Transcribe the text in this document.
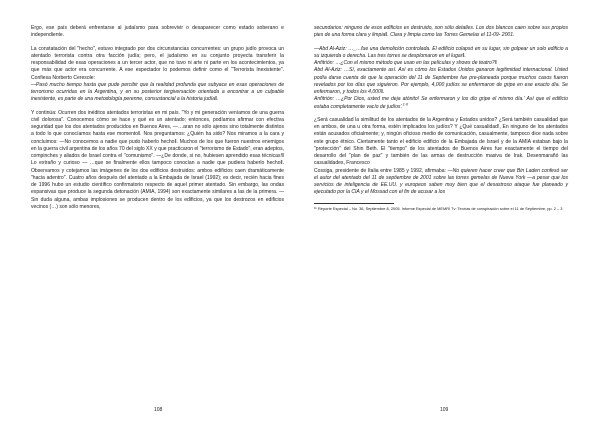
Ergo, ese país deberá enfrentarse al judaísmo para sobrevivir o desaparecer como estado soberano e independiente.

La constatación del "hecho", estuvo integrado por dos circunstancias concurrentes: un grupo judío provoca un atentado terrorista contra otra facción judía; pero, el judaísmo en su conjunto proyecta transferir la responsabilidad de esas operaciones a un tercer actor, que no tuvo ni arte ni parte en los acontecimientos, ya que más que actor era concurrente. A ese espectador lo podemos definir como el "Terrorista Inexistente". Confiesa Norberto Ceresole:

—Pasó mucho tiempo hasta que pude percibir que la realidad profunda que subyace en esas operaciones de terrorismo ocurridas en la Argentina, y en su posterior tergiversación orientada a encontrar a un culpable inexistente, es parte de una metodología perenne, consustancial a la historia judía‖.

Y continúa: Ocurren dos inéditos atentados terroristas en mi país. "Yo y mi generación veníamos de una guerra civil dolorosa". Conocemos cómo se hace y qué es un atentado; entonces, podíamos afirmar con efectiva seguridad que los dos atentados producidos en Buenos Aires, —…aran no sólo ajenos sino totalmente distintos a todo lo que conocíamos hasta ese momento‖. Nos preguntamos: ¿Quién ha sido? Nos miramos a la cara y concluimos: —No conocemos a nadie que pudo haberlo hecho‖. Muchos de los que fueron nuestros enemigos en la guerra civil argentina de los años 70 del siglo XX y que practicaron el "terrorismo de Estado", eran adeptos, compinches y aliados de Israel contra el "comunismo". —¿De donde, si no, hubiesen aprendido esas técnicas!‖ Lo extraño y curioso — …que se finalmente ellos tampoco conocían a nadie que pudiera haberlo hecho‖. Observamos y cotejamos las imágenes de los dos edificios destruidos: ambos edificios caen dramáticamente "hacia adentro". Cuatro años después del atentado a la Embajada de Israel (1992); es decir, recién hacia fines de 1996 hubo un estudio científico confirmatorio respecto de aquel primer atentado. Sin embargo, las ondas expansivas que produce la segunda detonación (AMIA, 1994) son exactamente similares a las de la primera. —Sin duda alguna, ambas implosiones se producen dentro de los edificios, ya que los destrozos en edificios vecinos (…) son sólo menores,

108

secundarios: ninguno de esos edificios es destruido, son sólo detalles. Los dos blancos caen sobre sus propios pies de una forma clara y limpia‖. Clara y limpia como las Torres Gemelas el 11-09- 2001.

—Abd Al-Aziz: …_…fue una demolición controlada. El edificio colapsó en su lugar, sin golpear un solo edificio a su izquierda o derecha. Las tres torres se desplomaron en el lugar‖.

Anfitrión: …¿Con el mismo método que usan en las películas y shows de teatro?‖

Abd Al-Aziz: …Sí, exactamente así. Así es cómo los Estados Unidos ganaron legitimidad internacional. Usted podía darse cuenta de que la operación del 11 de Septiembre fue pre-planeada porque muchos casos fueron revelados por los días que siguieron. Por ejemplo, 4,000 judíos se enfermaron de gripe en ese exacto día. Se enfermaron, y todos los 4,000‖.

Anfitrión: …¿Por Dios, usted me deja atónito! Se enfermaron y los dio gripe el mismo día.' Así que el edificio estaba completamente vacío de judíos'.$^{1-6}$

¿Será casualidad la similitud de los atentados de la Argentina y Estados unidos? ¿Será también casualidad que en ambos, de una u otra forma, estén implicados los judíos? Y ¿Qué casualidad!, En ninguno de los atentados están acusados oficialmente; y, ningún oficioso medio de comunicación, casualmente, tampoco dice nada sobre este grupo étnico. Ciertamente tanto el edificio edificio de la Embajada de Israel y de la AMIA estaban bajo la "protección" del Shin Beth. El "tiempo" de los atentados de Buenos Aires fue exactamente el tiempo del desarrollo del "plan de paz" y también de las armas de destrucción masiva de Irak. Desenmarañó las casualidades, Francesco

Cossiga, presidente de Italia entre 1985 y 1992, afirmaba: —No quieren hacer creer que Bin Laden confesó ser el autor del atentado del 11 de septiembre de 2001 sobre las torres gemelas de Nueva York —a pesar que los servicios de inteligencia de EE.UU. y europeos saben muy bien que el desastroso ataque fue planeado y ejecutado por la CIA y el Mossad con el fin de acusar a los

¹⁵ Reporte Especial – No. 36, Septiembre 8, 2005. Informe Especial de MEMRI Tv: Teorías de conspiración sobre el 11 de Septiembre, pp. 2 – 3
109
